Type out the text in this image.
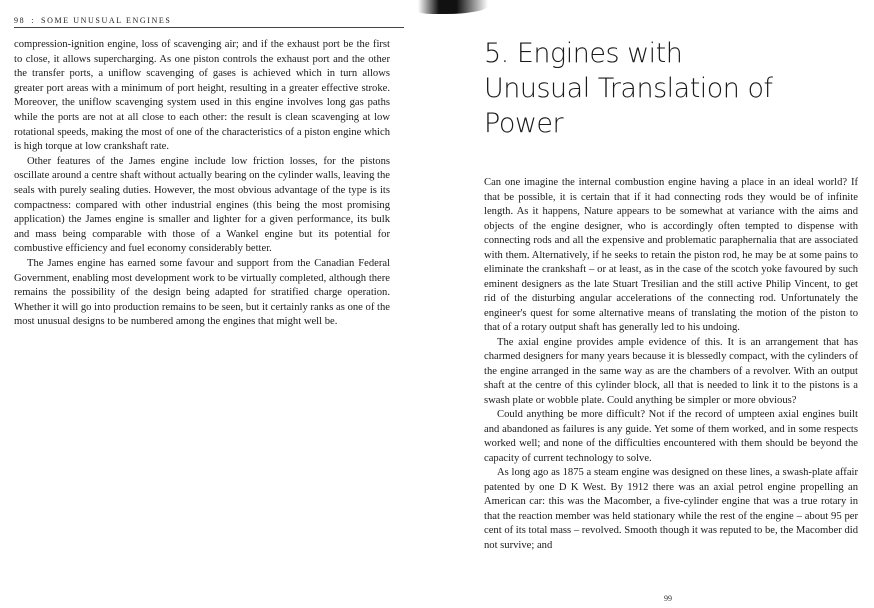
98 : SOME UNUSUAL ENGINES

compression-ignition engine, loss of scavenging air; and if the exhaust port be the first to close, it allows supercharging. As one piston controls the exhaust port and the other the transfer ports, a uniflow scavenging of gases is achieved which in turn allows greater port areas with a minimum of port height, resulting in a greater effective stroke. Moreover, the uniflow scavenging system used in this engine involves long gas paths while the ports are not at all close to each other: the result is clean scavenging at low rotational speeds, making the most of one of the characteristics of a piston engine which is high torque at low crankshaft rate.

Other features of the James engine include low friction losses, for the pistons oscillate around a centre shaft without actually bearing on the cylinder walls, leaving the seals with purely sealing duties. However, the most obvious advantage of the type is its compactness: compared with other industrial engines (this being the most promising application) the James engine is smaller and lighter for a given performance, its bulk and mass being comparable with those of a Wankel engine but its potential for combustive efficiency and fuel economy considerably better.

The James engine has earned some favour and support from the Canadian Federal Government, enabling most development work to be virtually completed, although there remains the possibility of the design being adapted for stratified charge operation. Whether it will go into production remains to be seen, but it certainly ranks as one of the most unusual designs to be numbered among the engines that might well be.

5. Engines with
Unusual Translation of
Power

Can one imagine the internal combustion engine having a place in an ideal world? If that be possible, it is certain that if it had connecting rods they would be of infinite length. As it happens, Nature appears to be somewhat at variance with the aims and objects of the engine designer, who is accordingly often tempted to dispense with connecting rods and all the expensive and problematic paraphernalia that are associated with them. Alternatively, if he seeks to retain the piston rod, he may be at some pains to eliminate the crankshaft – or at least, as in the case of the scotch yoke favoured by such eminent designers as the late Stuart Tresilian and the still active Philip Vincent, to get rid of the disturbing angular accelerations of the connecting rod. Unfortunately the engineer's quest for some alternative means of translating the motion of the piston to that of a rotary output shaft has generally led to his undoing.

The axial engine provides ample evidence of this. It is an arrangement that has charmed designers for many years because it is blessedly compact, with the cylinders of the engine arranged in the same way as are the chambers of a revolver. With an output shaft at the centre of this cylinder block, all that is needed to link it to the pistons is a swash plate or wobble plate. Could anything be simpler or more obvious?

Could anything be more difficult? Not if the record of umpteen axial engines built and abandoned as failures is any guide. Yet some of them worked, and in some respects worked well; and none of the difficulties encountered with them should be beyond the capacity of current technology to solve.

As long ago as 1875 a steam engine was designed on these lines, a swash-plate affair patented by one D K West. By 1912 there was an axial petrol engine propelling an American car: this was the Macomber, a five-cylinder engine that was a true rotary in that the reaction member was held stationary while the rest of the engine – about 95 per cent of its total mass – revolved. Smooth though it was reputed to be, the Macomber did not survive; and

99
